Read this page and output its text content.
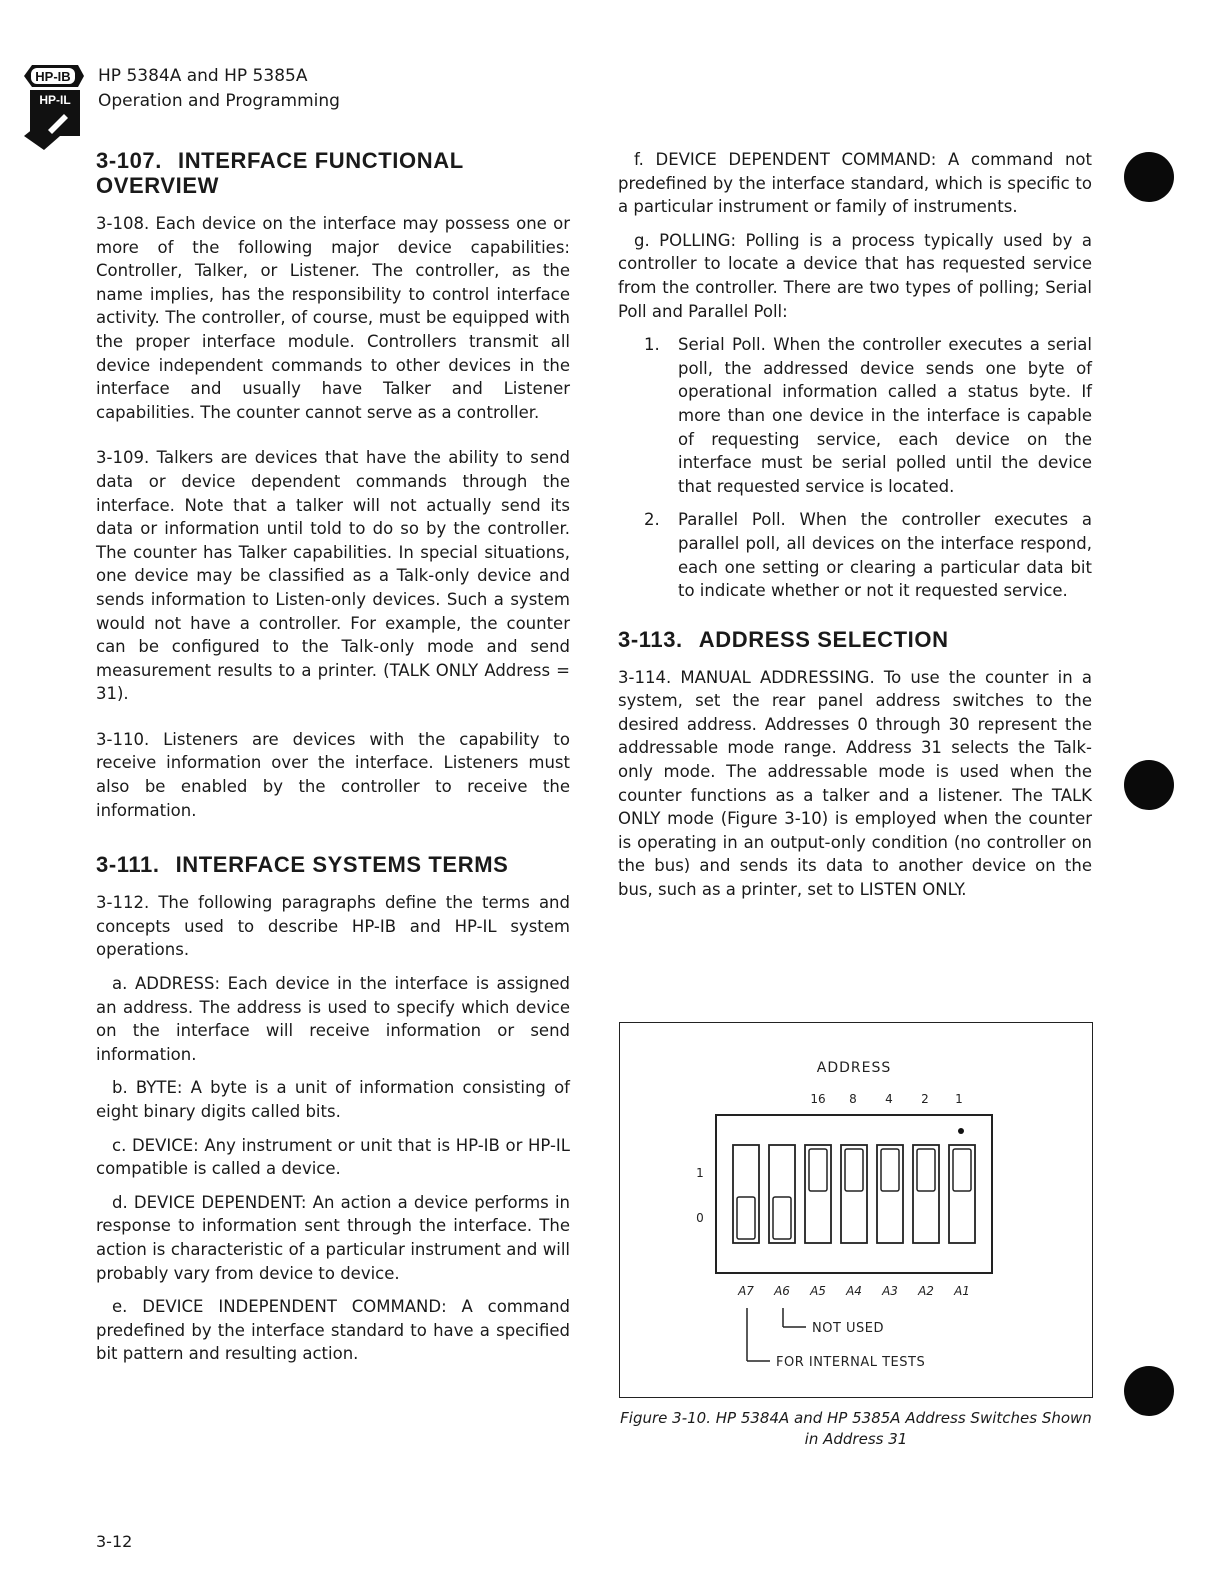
HP-IB
HP-IL
HP 5384A and HP 5385A
Operation and Programming
3-107. INTERFACE FUNCTIONAL OVERVIEW

3-108. Each device on the interface may possess one or more of the following major device capabilities: Controller, Talker, or Listener. The controller, as the name implies, has the responsibility to control interface activity. The controller, of course, must be equipped with the proper interface module. Controllers transmit all device independent commands to other devices in the interface and usually have Talker and Listener capabilities. The counter cannot serve as a controller.

3-109. Talkers are devices that have the ability to send data or device dependent commands through the interface. Note that a talker will not actually send its data or information until told to do so by the controller. The counter has Talker capabilities. In special situations, one device may be classified as a Talk-only device and sends information to Listen-only devices. Such a system would not have a controller. For example, the counter can be configured to the Talk-only mode and send measurement results to a printer. (TALK ONLY Address = 31).

3-110. Listeners are devices with the capability to receive information over the interface. Listeners must also be enabled by the controller to receive the information.

3-111. INTERFACE SYSTEMS TERMS

3-112. The following paragraphs define the terms and concepts used to describe HP-IB and HP-IL system operations.

a. ADDRESS: Each device in the interface is assigned an address. The address is used to specify which device on the interface will receive information or send information.

b. BYTE: A byte is a unit of information consisting of eight binary digits called bits.

c. DEVICE: Any instrument or unit that is HP-IB or HP-IL compatible is called a device.

d. DEVICE DEPENDENT: An action a device performs in response to information sent through the interface. The action is characteristic of a particular instrument and will probably vary from device to device.

e. DEVICE INDEPENDENT COMMAND: A command predefined by the interface standard to have a specified bit pattern and resulting action.

f. DEVICE DEPENDENT COMMAND: A command not predefined by the interface standard, which is specific to a particular instrument or family of instruments.

g. POLLING: Polling is a process typically used by a controller to locate a device that has requested service from the controller. There are two types of polling; Serial Poll and Parallel Poll:

1. Serial Poll. When the controller executes a serial poll, the addressed device sends one byte of operational information called a status byte. If more than one device in the interface is capable of requesting service, each device on the interface must be serial polled until the device that requested service is located.
2. Parallel Poll. When the controller executes a parallel poll, all devices on the interface respond, each one setting or clearing a particular data bit to indicate whether or not it requested service.
3-113. ADDRESS SELECTION

3-114. MANUAL ADDRESSING. To use the counter in a system, set the rear panel address switches to the desired address. Addresses 0 through 30 represent the addressable mode range. Address 31 selects the Talk-only mode. The addressable mode is used when the counter functions as a talker and a listener. The TALK ONLY mode (Figure 3-10) is employed when the counter is operating in an output-only condition (no controller on the bus) and sends its data to another device on the bus, such as a printer, set to LISTEN ONLY.

ADDRESS
16 8 4 2 1
1
0
NOT USED
FOR INTERNAL TESTS
A7 A6 A5 A4 A3 A2 A1
Figure 3-10. HP 5384A and HP 5385A Address Switches Shown in Address 31
3-12
